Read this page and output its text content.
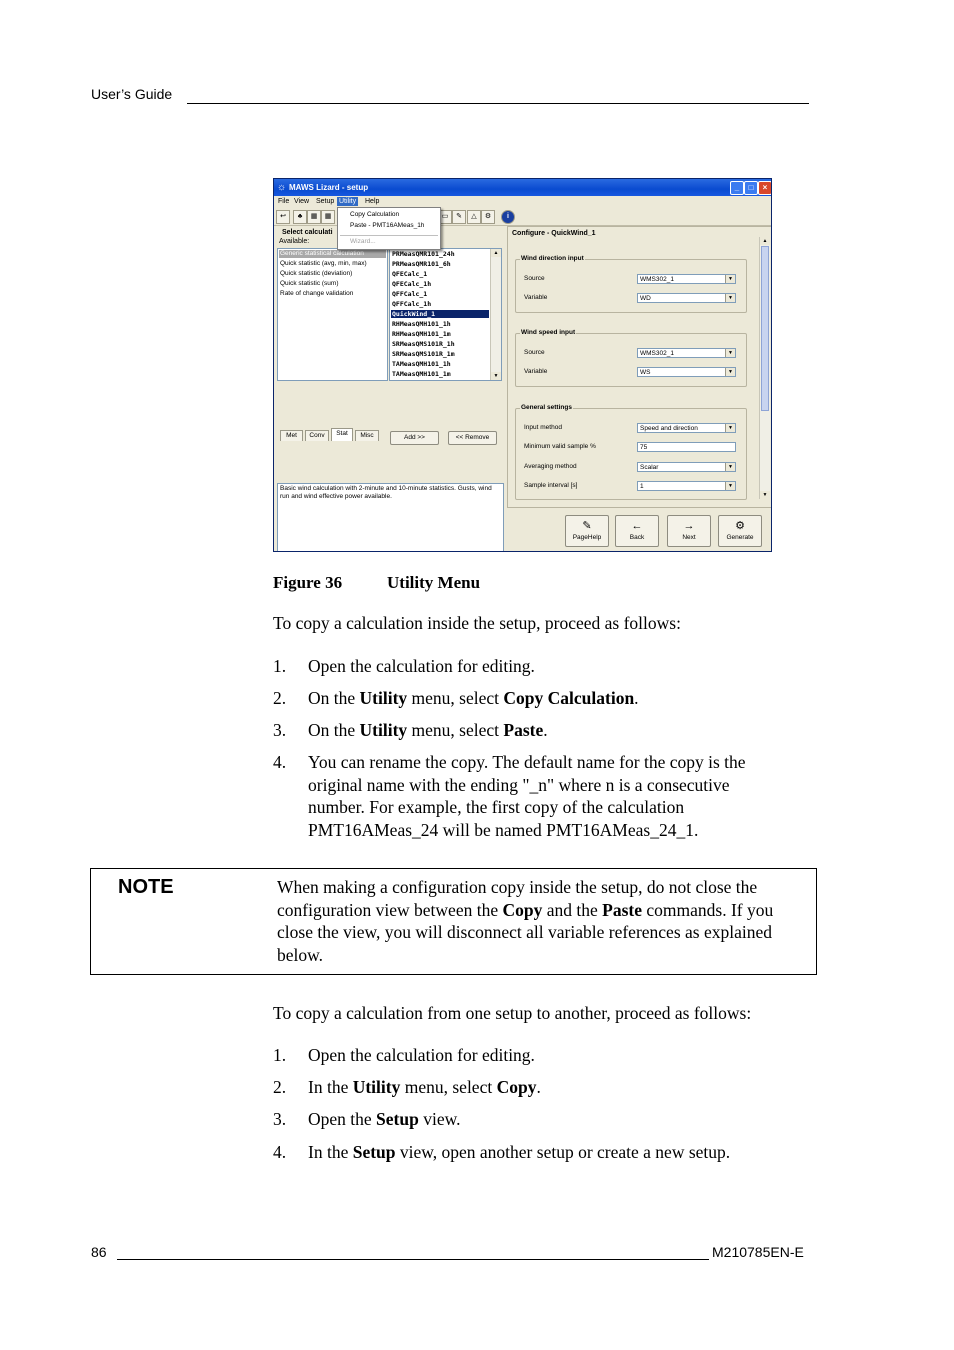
User’s Guide
☼ MAWS Lizard - setup	_	□	×
File View Setup Utility Help
↩	♣	▦	▦	▭	✎	△	⚙	i
Copy Calculation
Paste - PMT16AMeas_1h
Wizard...
Select calculati
Available:
Generic statistical calculation
Quick statistic (avg, min, max)
Quick statistic (deviation)
Quick statistic (sum)
Rate of change validation
PRMeasQMR101_24h
PRMeasQMR101_6h
QFECalc_1
QFECalc_1h
QFFCalc_1
QFFCalc_1h
QuickWind_1
RHMeasQMH101_1h
RHMeasQMH101_1m
SRMeasQMS101R_1h
SRMeasQMS101R_1m
TAMeasQMH101_1h
TAMeasQMH101_1m
▲
▼
Met	Conv	Stat	Misc	Add >>	<< Remove
Basic wind calculation with 2-minute and 10-minute statistics. Gusts, wind run and wind effective power available.
Configure - QuickWind_1
Wind direction input
Source	WMS302_1	▼
Variable	WD	▼
Wind speed input
Source	WMS302_1	▼
Variable	WS	▼
General settings
Input method	Speed and direction	▼
Minimum valid sample %	75
Averaging method	Scalar	▼
Sample interval [s]	1	▼
▲
▼
✎
PageHelp
←
Back
→
Next
⚙
Generate
Figure 36	Utility Menu
To copy a calculation inside the setup, proceed as follows:
1. Open the calculation for editing.
2. On the Utility menu, select Copy Calculation.
3. On the Utility menu, select Paste.
4. You can rename the copy. The default name for the copy is the
original name with the ending "_n" where n is a consecutive
number. For example, the first copy of the calculation
PMT16AMeas_24 will be named PMT16AMeas_24_1.
NOTE	When making a configuration copy inside the setup, do not close the
configuration view between the Copy and the Paste commands. If you
close the view, you will disconnect all variable references as explained
below.
To copy a calculation from one setup to another, proceed as follows:
1. Open the calculation for editing.
2. In the Utility menu, select Copy.
3. Open the Setup view.
4. In the Setup view, open another setup or create a new setup.
86	M210785EN-E
